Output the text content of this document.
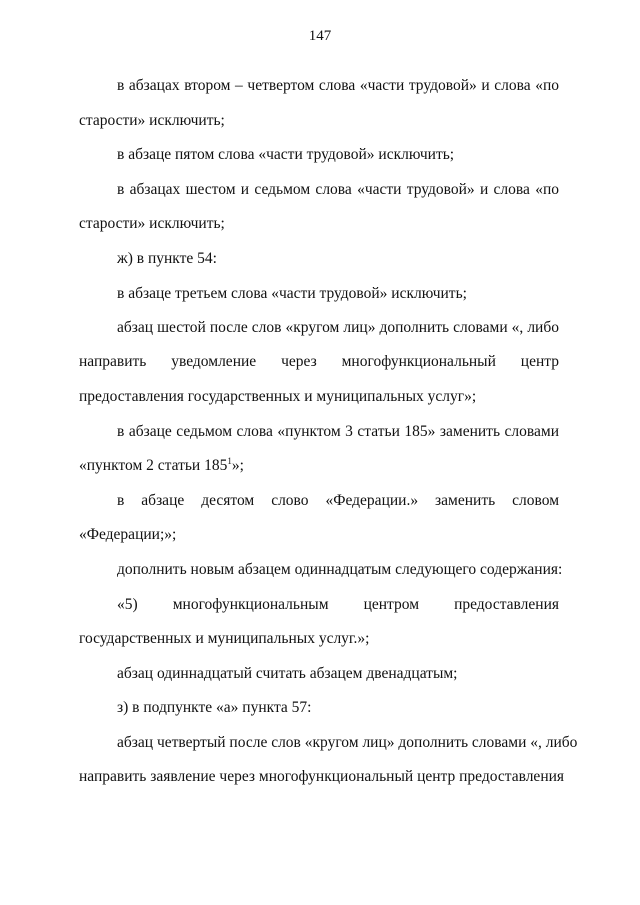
147
в абзацах втором – четвертом слова «части трудовой» и слова «по
старости» исключить;
в абзаце пятом слова «части трудовой» исключить;
в абзацах шестом и седьмом слова «части трудовой» и слова «по
старости» исключить;
ж) в пункте 54:
в абзаце третьем слова «части трудовой» исключить;
абзац шестой после слов «кругом лиц» дополнить словами «, либо
направить уведомление через многофункциональный центр
предоставления государственных и муниципальных услуг»;
в абзаце седьмом слова «пунктом 3 статьи 185» заменить словами
«пунктом 2 статьи $185^1$»;
в абзаце десятом слово «Федерации.» заменить словом
«Федерации;»;
дополнить новым абзацем одиннадцатым следующего содержания:
«5) многофункциональным центром предоставления
государственных и муниципальных услуг.»;
абзац одиннадцатый считать абзацем двенадцатым;
з) в подпункте «а» пункта 57:
абзац четвертый после слов «кругом лиц» дополнить словами «, либо
направить заявление через многофункциональный центр предоставления
